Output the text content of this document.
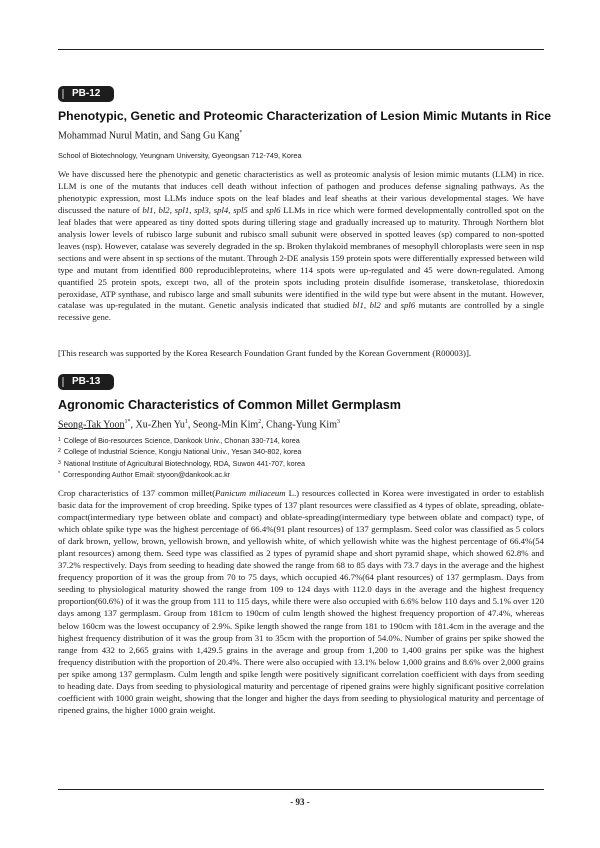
PB-12
Phenotypic, Genetic and Proteomic Characterization of Lesion Mimic Mutants in Rice
Mohammad Nurul Matin, and Sang Gu Kang*
School of Biotechnology, Yeungnam University, Gyeongsan 712-749, Korea

We have discussed here the phenotypic and genetic characteristics as well as proteomic analysis of lesion mimic mutants (LLM) in rice. LLM is one of the mutants that induces cell death without infection of pathogen and produces defense signaling pathways. As the phenotypic expression, most LLMs induce spots on the leaf blades and leaf sheaths at their various developmental stages. We have discussed the nature of bl1, bl2, spl1, spl3, spl4, spl5 and spl6 LLMs in rice which were formed developmentally controlled spot on the leaf blades that were appeared as tiny dotted spots during tillering stage and gradually increased up to maturity. Through Northern blot analysis lower levels of rubisco large subunit and rubisco small subunit were observed in spotted leaves (sp) compared to non-spotted leaves (nsp). However, catalase was severely degraded in the sp. Broken thylakoid membranes of mesophyll chloroplasts were seen in nsp sections and were absent in sp sections of the mutant. Through 2-DE analysis 159 protein spots were differentially expressed between wild type and mutant from identified 800 reproducibleproteins, where 114 spots were up-regulated and 45 were down-regulated. Among quantified 25 protein spots, except two, all of the protein spots including protein disulfide isomerase, transketolase, thioredoxin peroxidase, ATP synthase, and rubisco large and small subunits were identified in the wild type but were absent in the mutant. However, catalase was up-regulated in the mutant. Genetic analysis indicated that studied bl1, bl2 and spl6 mutants are controlled by a single recessive gene.

[This research was supported by the Korea Research Foundation Grant funded by the Korean Government (R00003)].
PB-13
Agronomic Characteristics of Common Millet Germplasm
Seong-Tak Yoon$^{1*}$, Xu-Zhen Yu$^1$, Seong-Min Kim$^2$, Chang-Yung Kim$^3$
$^1$ College of Bio-resources Science, Dankook Univ., Chonan 330-714, korea
$^2$ College of Industrial Science, Kongju National Univ., Yesan 340-802, korea
$^3$ National Institute of Agricultural Biotechnology, RDA, Suwon 441-707, korea
* Corresponding Author Email: styoon@dankook.ac.kr

Crop characteristics of 137 common millet(Panicum miliaceum L.) resources collected in Korea were investigated in order to establish basic data for the improvement of crop breeding. Spike types of 137 plant resources were classified as 4 types of oblate, spreading, oblate-compact(intermediary type between oblate and compact) and oblate-spreading(intermediary type between oblate and compact) type, of which oblate spike type was the highest percentage of 66.4%(91 plant resources) of 137 germplasm. Seed color was classified as 5 colors of dark brown, yellow, brown, yellowish brown, and yellowish white, of which yellowish white was the highest percentage of 66.4%(54 plant resources) among them. Seed type was classified as 2 types of pyramid shape and short pyramid shape, which showed 62.8% and 37.2% respectively. Days from seeding to heading date showed the range from 68 to 85 days with 73.7 days in the average and the highest frequency proportion of it was the group from 70 to 75 days, which occupied 46.7%(64 plant resources) of 137 germplasm. Days from seeding to physiological maturity showed the range from 109 to 124 days with 112.0 days in the average and the highest frequency proportion(60.6%) of it was the group from 111 to 115 days, while there were also occupied with 6.6% below 110 days and 5.1% over 120 days among 137 germplasm. Group from 181cm to 190cm of culm length showed the highest frequency proportion of 47.4%, whereas below 160cm was the lowest occupancy of 2.9%. Spike length showed the range from 181 to 190cm with 181.4cm in the average and the highest frequency distribution of it was the group from 31 to 35cm with the proportion of 54.0%. Number of grains per spike showed the range from 432 to 2,665 grains with 1,429.5 grains in the average and group from 1,200 to 1,400 grains per spike was the highest frequency distribution with the proportion of 20.4%. There were also occupied with 13.1% below 1,000 grains and 8.6% over 2,000 grains per spike among 137 germplasm. Culm length and spike length were positively significant correlation coefficient with days from seeding to heading date. Days from seeding to physiological maturity and percentage of ripened grains were highly significant positive correlation coefficient with 1000 grain weight, showing that the longer and higher the days from seeding to physiological maturity and percentage of ripened grains, the higher 1000 grain weight.

- 93 -
